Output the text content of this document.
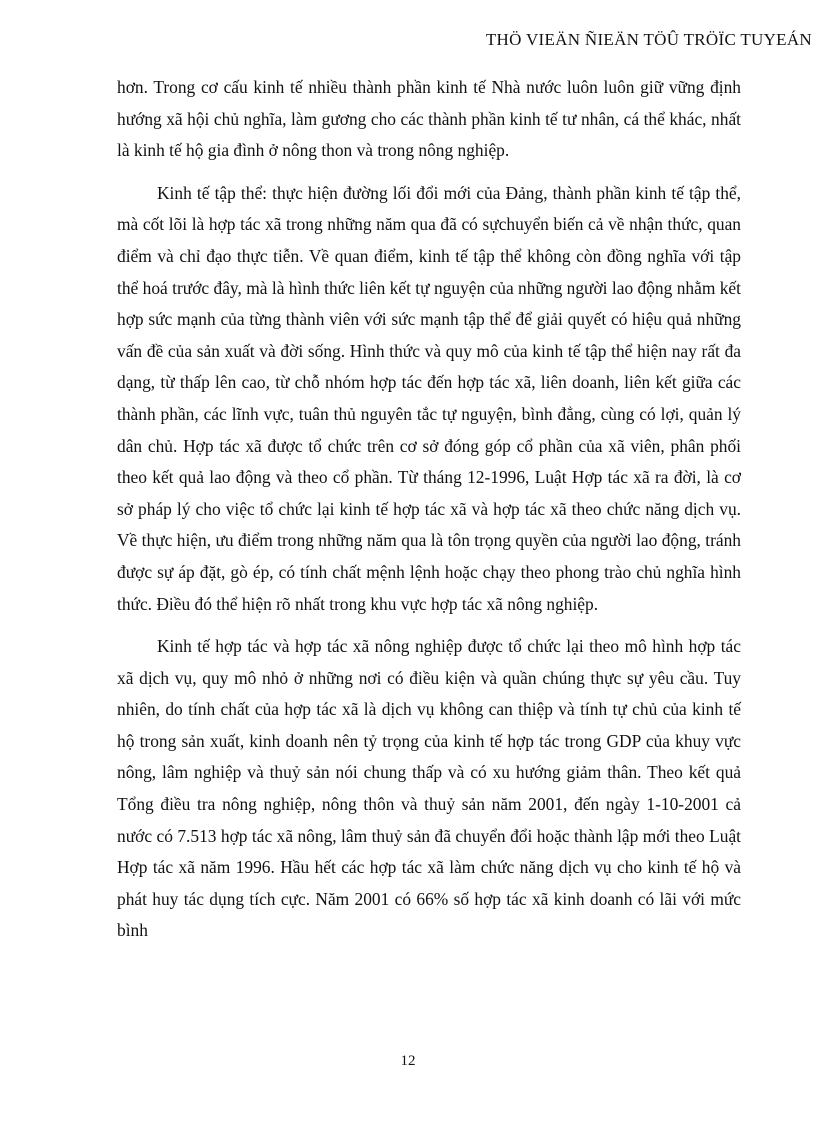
THÖ VIEÄN ÑIEÄN TÖÛ TRÖÏC TUYEÁN

hơn. Trong cơ cấu kinh tế nhiều thành phần kinh tế Nhà nước luôn luôn giữ vững định hướng xã hội chủ nghĩa, làm gương cho các thành phần kinh tế tư nhân, cá thể khác, nhất là kinh tế hộ gia đình ở nông thon và trong nông nghiệp.

Kinh tế tập thể: thực hiện đường lối đổi mới của Đảng, thành phần kinh tế tập thể, mà cốt lõi là hợp tác xã trong những năm qua đã có sựchuyển biến cả về nhận thức, quan điểm và chỉ đạo thực tiễn. Về quan điểm, kinh tế tập thể không còn đồng nghĩa với tập thể hoá trước đây, mà là hình thức liên kết tự nguyện của những người lao động nhằm kết hợp sức mạnh của từng thành viên với sức mạnh tập thể để giải quyết có hiệu quả những vấn đề của sản xuất và đời sống. Hình thức và quy mô của kinh tế tập thể hiện nay rất đa dạng, từ thấp lên cao, từ chỗ nhóm hợp tác đến hợp tác xã, liên doanh, liên kết giữa các thành phần, các lĩnh vực, tuân thủ nguyên tắc tự nguyện, bình đẳng, cùng có lợi, quản lý dân chủ. Hợp tác xã được tổ chức trên cơ sở đóng góp cổ phần của xã viên, phân phối theo kết quả lao động và theo cổ phần. Từ tháng 12-1996, Luật Hợp tác xã ra đời, là cơ sở pháp lý cho việc tổ chức lại kinh tế hợp tác xã và hợp tác xã theo chức năng dịch vụ. Về thực hiện, ưu điểm trong những năm qua là tôn trọng quyền của người lao động, tránh được sự áp đặt, gò ép, có tính chất mệnh lệnh hoặc chạy theo phong trào chủ nghĩa hình thức. Điều đó thể hiện rõ nhất trong khu vực hợp tác xã nông nghiệp.

Kinh tế hợp tác và hợp tác xã nông nghiệp được tổ chức lại theo mô hình hợp tác xã dịch vụ, quy mô nhỏ ở những nơi có điều kiện và quần chúng thực sự yêu cầu. Tuy nhiên, do tính chất của hợp tác xã là dịch vụ không can thiệp và tính tự chủ của kinh tế hộ trong sản xuất, kinh doanh nên tỷ trọng của kinh tế hợp tác trong GDP của khuy vực nông, lâm nghiệp và thuỷ sản nói chung thấp và có xu hướng giảm thân. Theo kết quả Tổng điều tra nông nghiệp, nông thôn và thuỷ sản năm 2001, đến ngày 1-10-2001 cả nước có 7.513 hợp tác xã nông, lâm thuỷ sản đã chuyển đổi hoặc thành lập mới theo Luật Hợp tác xã năm 1996. Hầu hết các hợp tác xã làm chức năng dịch vụ cho kinh tế hộ và phát huy tác dụng tích cực. Năm 2001 có 66% số hợp tác xã kinh doanh có lãi với mức bình

12
